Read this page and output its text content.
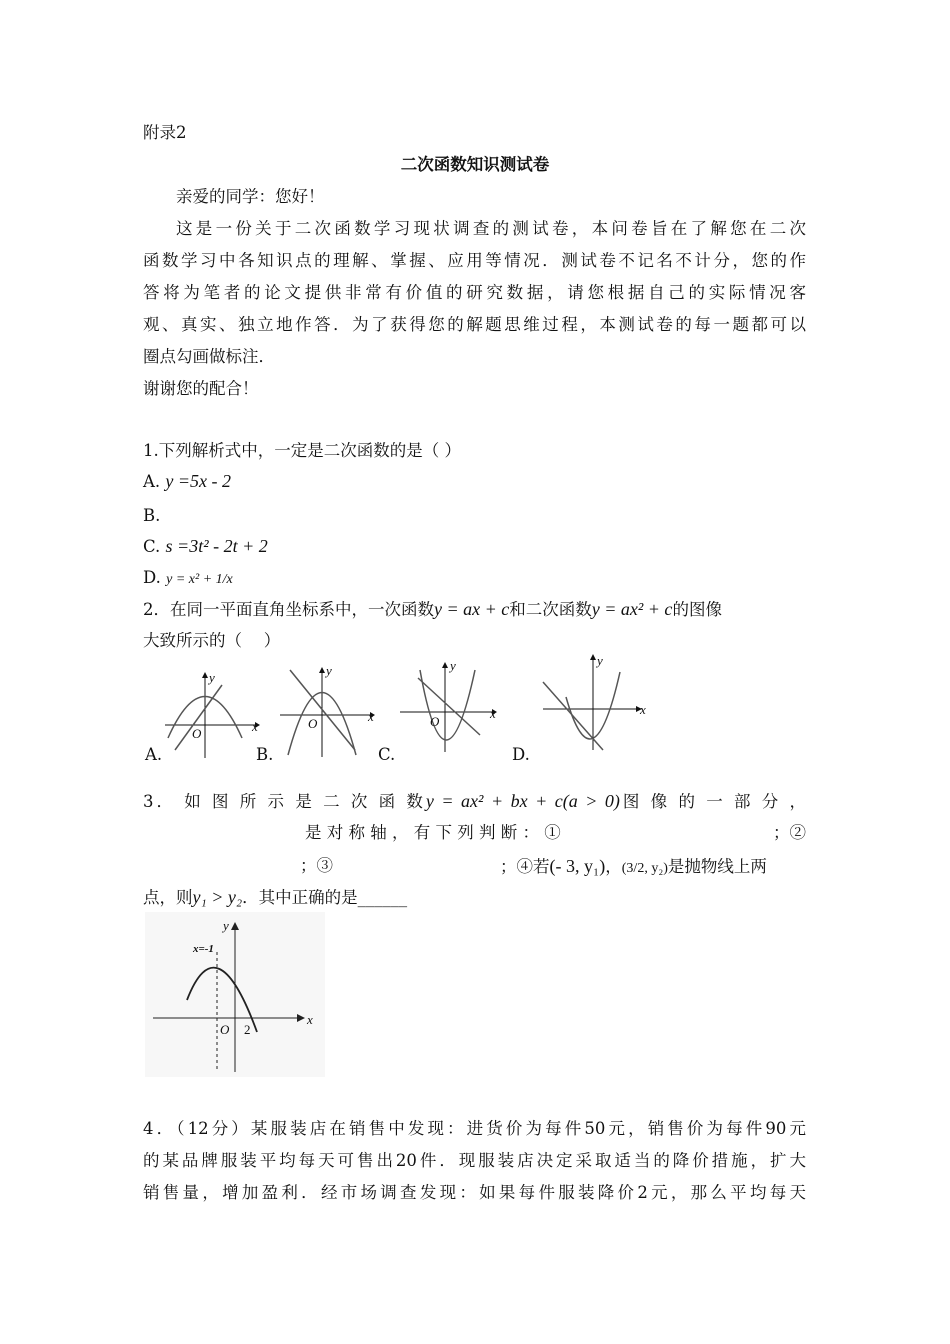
附录2
二次函数知识测试卷
亲爱的同学：您好！
这是一份关于二次函数学习现状调查的测试卷，本问卷旨在了解您在二次
函数学习中各知识点的理解、掌握、应用等情况．测试卷不记名不计分，您的作
答将为笔者的论文提供非常有价值的研究数据，请您根据自己的实际情况客
观、真实、独立地作答．为了获得您的解题思维过程，本测试卷的每一题都可以
圈点勾画做标注．
谢谢您的配合！
1.下列解析式中，一定是二次函数的是（ ）
A. y =5x - 2
B.
C. s =3t² - 2t + 2
D. y = x² + 1/x
2．在同一平面直角坐标系中，一次函数y = ax + c和二次函数y = ax² + c的图像
大致所示的（　 ）
x
y
O
A.
x
y
O
B.
x
y
O
C.
x
y
D.
3． 如 图 所 示 是 二 次 函 数y = ax² + bx + c(a > 0)图 像 的 一 部 分 ，
是 对 称 轴 ， 有 下 列 判 断 ： ①	；②
；③	；④若(- 3, y₁)，(3/2, y₂)是抛物线上两
点，则y₁ > y₂．其中正确的是______
x
y
x=-1
O 2
4．（12分）某服装店在销售中发现：进货价为每件50元，销售价为每件90元
的某品牌服装平均每天可售出20件．现服装店决定采取适当的降价措施，扩大
销售量，增加盈利．经市场调查发现：如果每件服装降价2元，那么平均每天
